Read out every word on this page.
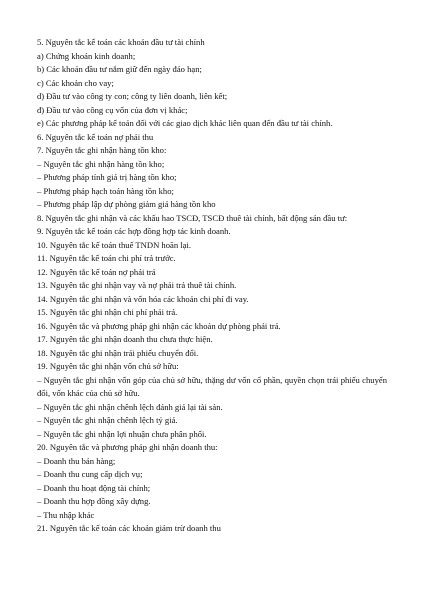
5. Nguyên tắc kế toán các khoản đầu tư tài chính
a) Chứng khoán kinh doanh;
b) Các khoản đầu tư nắm giữ đến ngày đáo hạn;
c) Các khoản cho vay;
d) Đầu tư vào công ty con; công ty liên doanh, liên kết;
đ) Đầu tư vào công cụ vốn của đơn vị khác;
e) Các phương pháp kế toán đối với các giao dịch khác liên quan đến đầu tư tài chính.
6. Nguyên tắc kế toán nợ phải thu
7. Nguyên tắc ghi nhận hàng tồn kho:
– Nguyên tắc ghi nhận hàng tồn kho;
– Phương pháp tính giá trị hàng tồn kho;
– Phương pháp hạch toán hàng tồn kho;
– Phương pháp lập dự phòng giảm giá hàng tồn kho
8. Nguyên tắc ghi nhận và các khấu hao TSCĐ, TSCĐ thuê tài chính, bất động sản đầu tư:
9. Nguyên tắc kế toán các hợp đồng hợp tác kinh doanh.
10. Nguyên tắc kế toán thuế TNDN hoãn lại.
11. Nguyên tắc kế toán chi phí trả trước.
12. Nguyên tắc kế toán nợ phải trả
13. Nguyên tắc ghi nhận vay và nợ phải trả thuê tài chính.
14. Nguyên tắc ghi nhận và vốn hóa các khoản chi phí đi vay.
15. Nguyên tắc ghi nhận chi phí phải trả.
16. Nguyên tắc và phương pháp ghi nhận các khoản dự phòng phải trả.
17. Nguyên tắc ghi nhận doanh thu chưa thực hiện.
18. Nguyên tắc ghi nhận trái phiếu chuyển đổi.
19. Nguyên tắc ghi nhận vốn chủ sở hữu:
– Nguyên tắc ghi nhận vốn góp của chủ sở hữu, thặng dư vốn cổ phần, quyền chọn trái phiếu chuyển đổi, vốn khác của chủ sở hữu.
– Nguyên tắc ghi nhận chênh lệch đánh giá lại tài sản.
– Nguyên tắc ghi nhận chênh lệch tỷ giá.
– Nguyên tắc ghi nhận lợi nhuận chưa phân phối.
20. Nguyên tắc và phương pháp ghi nhận doanh thu:
– Doanh thu bán hàng;
– Doanh thu cung cấp dịch vụ;
– Doanh thu hoạt động tài chính;
– Doanh thu hợp đồng xây dựng.
– Thu nhập khác
21. Nguyên tắc kế toán các khoản giảm trừ doanh thu
